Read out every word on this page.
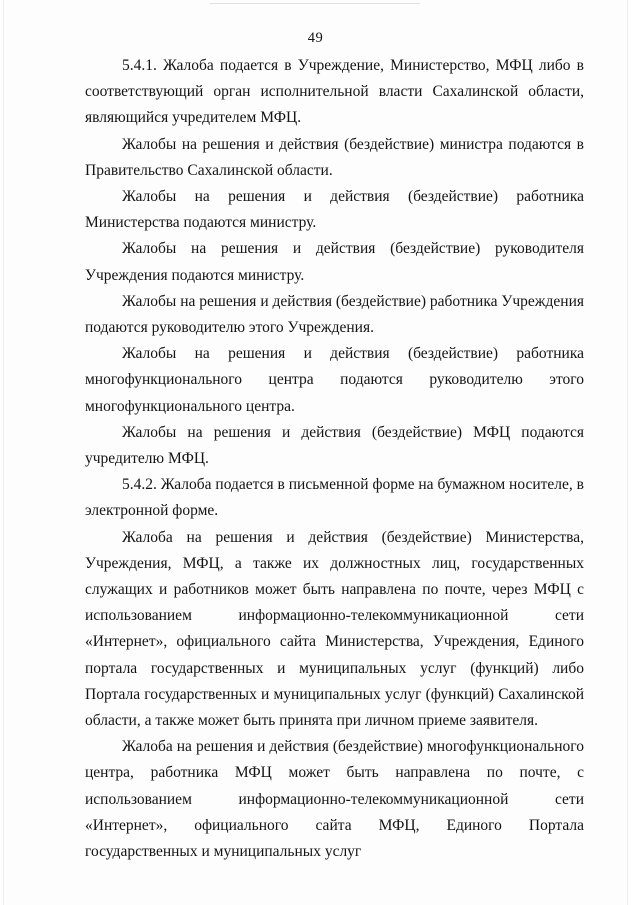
49

5.4.1. Жалоба подается в Учреждение, Министерство, МФЦ либо в соответствующий орган исполнительной власти Сахалинской области, являющийся учредителем МФЦ.

Жалобы на решения и действия (бездействие) министра подаются в Правительство Сахалинской области.

Жалобы на решения и действия (бездействие) работника Министерства подаются министру.

Жалобы на решения и действия (бездействие) руководителя Учреждения подаются министру.

Жалобы на решения и действия (бездействие) работника Учреждения подаются руководителю этого Учреждения.

Жалобы на решения и действия (бездействие) работника многофункционального центра подаются руководителю этого многофункционального центра.

Жалобы на решения и действия (бездействие) МФЦ подаются учредителю МФЦ.

5.4.2. Жалоба подается в письменной форме на бумажном носителе, в электронной форме.

Жалоба на решения и действия (бездействие) Министерства, Учреждения, МФЦ, а также их должностных лиц, государственных служащих и работников может быть направлена по почте, через МФЦ с использованием информационно-телекоммуникационной сети «Интернет», официального сайта Министерства, Учреждения, Единого портала государственных и муниципальных услуг (функций) либо Портала государственных и муниципальных услуг (функций) Сахалинской области, а также может быть принята при личном приеме заявителя.

Жалоба на решения и действия (бездействие) многофункционального центра, работника МФЦ может быть направлена по почте, с использованием информационно-телекоммуникационной сети «Интернет», официального сайта МФЦ, Единого Портала государственных и муниципальных услуг
